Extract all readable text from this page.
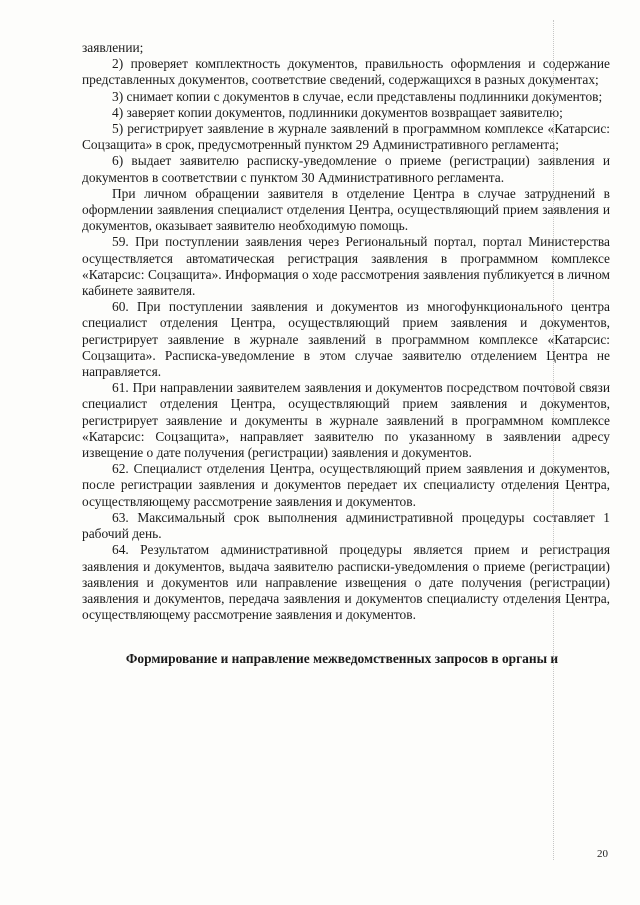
заявлении;

2) проверяет комплектность документов, правильность оформления и содержание представленных документов, соответствие сведений, содержащихся в разных документах;

3) снимает копии с документов в случае, если представлены подлинники документов;

4) заверяет копии документов, подлинники документов возвращает заявителю;

5) регистрирует заявление в журнале заявлений в программном комплексе «Катарсис: Соцзащита» в срок, предусмотренный пунктом 29 Административного регламента;

6) выдает заявителю расписку-уведомление о приеме (регистрации) заявления и документов в соответствии с пунктом 30 Административного регламента.

При личном обращении заявителя в отделение Центра в случае затруднений в оформлении заявления специалист отделения Центра, осуществляющий прием заявления и документов, оказывает заявителю необходимую помощь.

59. При поступлении заявления через Региональный портал, портал Министерства осуществляется автоматическая регистрация заявления в программном комплексе «Катарсис: Соцзащита». Информация о ходе рассмотрения заявления публикуется в личном кабинете заявителя.

60. При поступлении заявления и документов из многофункционального центра специалист отделения Центра, осуществляющий прием заявления и документов, регистрирует заявление в журнале заявлений в программном комплексе «Катарсис: Соцзащита». Расписка-уведомление в этом случае заявителю отделением Центра не направляется.

61. При направлении заявителем заявления и документов посредством почтовой связи специалист отделения Центра, осуществляющий прием заявления и документов, регистрирует заявление и документы в журнале заявлений в программном комплексе «Катарсис: Соцзащита», направляет заявителю по указанному в заявлении адресу извещение о дате получения (регистрации) заявления и документов.

62. Специалист отделения Центра, осуществляющий прием заявления и документов, после регистрации заявления и документов передает их специалисту отделения Центра, осуществляющему рассмотрение заявления и документов.

63. Максимальный срок выполнения административной процедуры составляет 1 рабочий день.

64. Результатом административной процедуры является прием и регистрация заявления и документов, выдача заявителю расписки-уведомления о приеме (регистрации) заявления и документов или направление извещения о дате получения (регистрации) заявления и документов, передача заявления и документов специалисту отделения Центра, осуществляющему рассмотрение заявления и документов.

Формирование и направление межведомственных запросов в органы и
20
